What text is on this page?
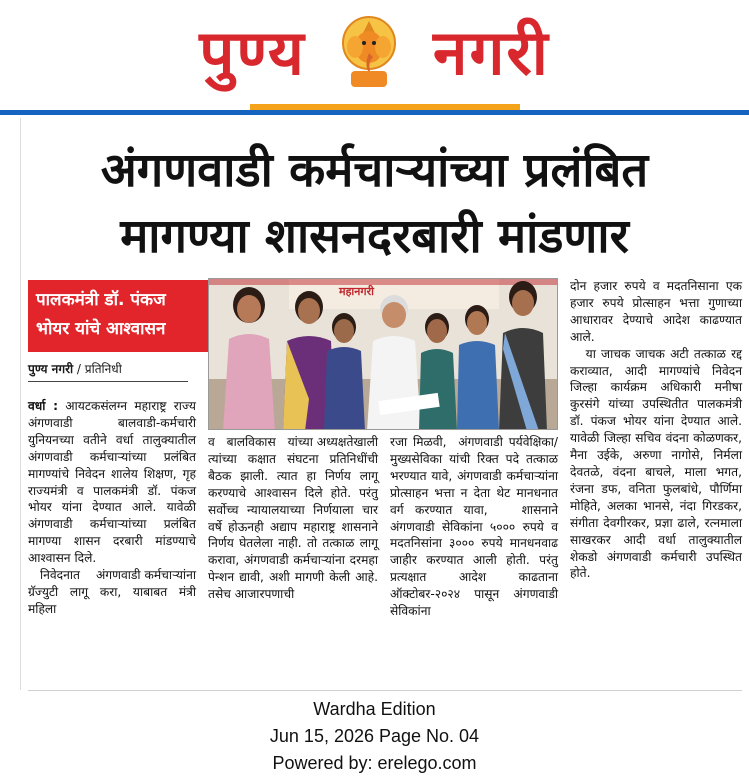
पुण्य नगरी
अंगणवाडी कर्मचाऱ्यांच्या प्रलंबित
मागण्या शासनदरबारी मांडणार
पालकमंत्री डॉ. पंकज
भोयर यांचे आश्वासन
पुण्य नगरी / प्रतिनिधी
महानगरी

वर्धा : आयटकसंलग्न महाराष्ट्र राज्य अंगणवाडी बालवाडी-कर्मचारी युनियनच्या वतीने वर्धा तालुक्यातील अंगणवाडी कर्मचाऱ्यांच्या प्रलंबित मागण्यांचे निवेदन शालेय शिक्षण, गृह राज्यमंत्री व पालकमंत्री डॉ. पंकज भोयर यांना देण्यात आले. यावेळी अंगणवाडी कर्मचाऱ्यांच्या प्रलंबित मागण्या शासन दरबारी मांडण्याचे आश्वासन दिले.

निवेदनात    अंगणवाडी कर्मचाऱ्यांना ग्रॅज्युटी लागू करा, याबाबत मंत्री महिला

व   बालविकास   यांच्या अध्यक्षतेखाली त्यांच्या कक्षात संघटना प्रतिनिधींची बैठक झाली. त्यात हा निर्णय लागू करण्याचे आश्वासन दिले होते. परंतु सर्वोच्च न्यायालयाच्या निर्णयाला चार वर्षे होऊनही अद्याप महाराष्ट्र शासनाने निर्णय घेतलेला नाही. तो तत्काळ लागू करावा, अंगणवाडी कर्मचाऱ्यांना दरमहा पेन्शन द्यावी, अशी मागणी केली आहे. तसेच आजारपणाची

रजा मिळवी,  अंगणवाडी पर्यवेक्षिका/ मुख्यसेविका यांची रिक्त पदे तत्काळ भरण्यात यावे, अंगणवाडी कर्मचाऱ्यांना प्रोत्साहन भत्ता न देता थेट मानधनात वर्ग करण्यात यावा,   शासनाने अंगणवाडी सेविकांना ५००० रुपये व मदतनिसांना ३००० रुपये मानधनवाढ जाहीर करण्यात आली होती. परंतु प्रत्यक्षात आदेश काढताना ऑक्टोबर-२०२४ पासून अंगणवाडी सेविकांना

दोन हजार रुपये व मदतनिसाना एक हजार रुपये प्रोत्साहन भत्ता गुणाच्या आधारावर देण्याचे आदेश काढण्यात आले.

या जाचक जाचक अटी तत्काळ रद्द कराव्यात, आदी मागण्यांचे निवेदन जिल्हा कार्यक्रम अधिकारी मनीषा कुरसंगे यांच्या उपस्थितीत पालकमंत्री डॉ. पंकज भोयर यांना देण्यात आले. यावेळी जिल्हा सचिव वंदना कोळणकर, मैना उईके, अरुणा नागोसे, निर्मला देवतळे, वंदना बाचले, माला भगत, रंजना डफ, वनिता फुलबांधे, पौर्णिमा मोहिते, अलका भानसे, नंदा गिरडकर, संगीता देवगीरकर, प्रज्ञा ढाले, रत्नमाला साखरकर आदी वर्धा तालुक्यातील शेकडो अंगणवाडी कर्मचारी उपस्थित होते.

Wardha Edition
Jun 15, 2026 Page No. 04
Powered by: erelego.com
